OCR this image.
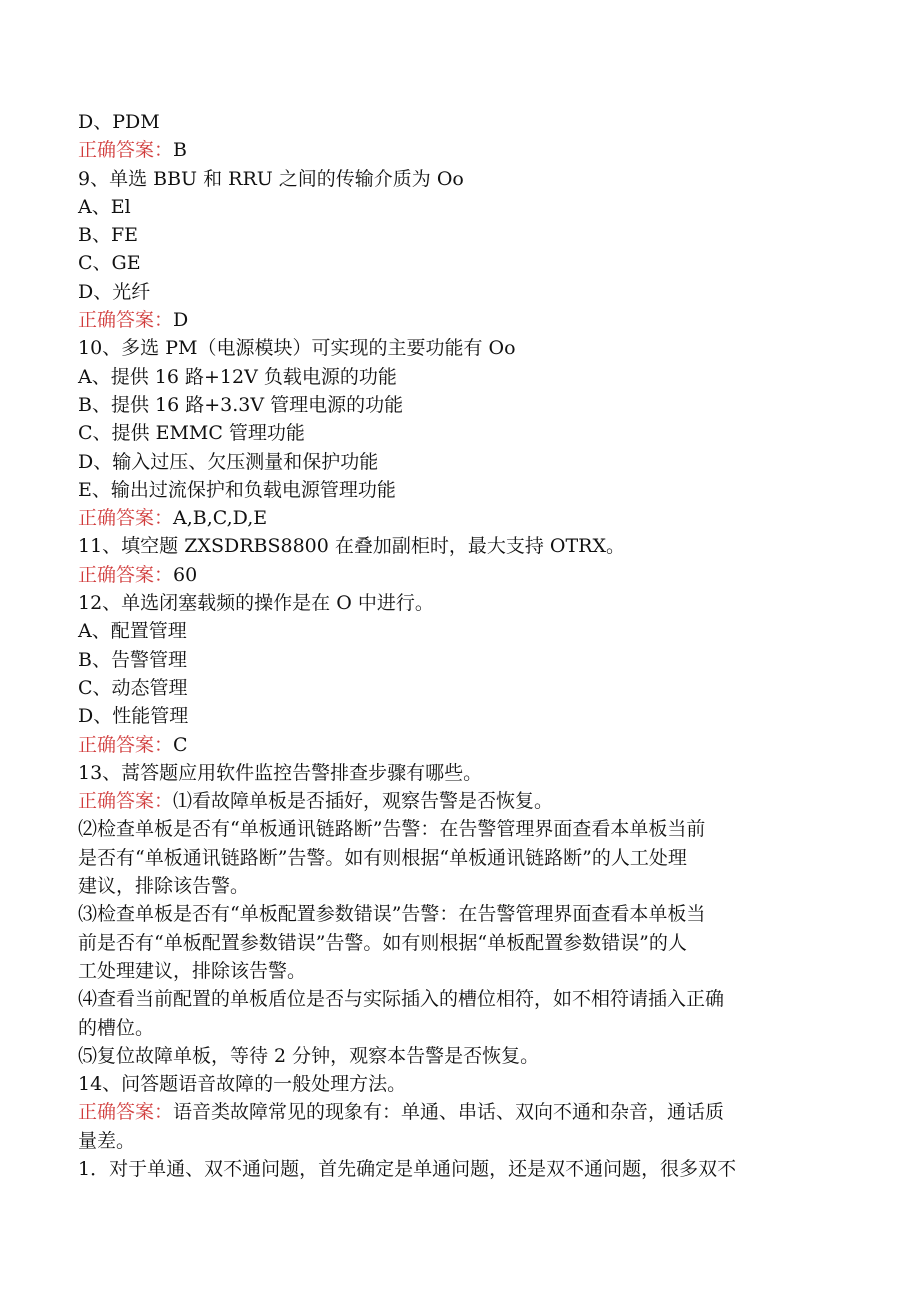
D、PDM
正确答案：B
9、单选 BBU 和 RRU 之间的传输介质为 Oo
A、El
B、FE
C、GE
D、光纤
正确答案：D
10、多选 PM（电源模块）可实现的主要功能有 Oo
A、提供 16 路+12V 负载电源的功能
B、提供 16 路+3.3V 管理电源的功能
C、提供 EMMC 管理功能
D、输入过压、欠压测量和保护功能
E、输出过流保护和负载电源管理功能
正确答案：A,B,C,D,E
11、填空题 ZXSDRBS8800 在叠加副柜时，最大支持 OTRX。
正确答案：60
12、单选闭塞载频的操作是在 O 中进行。
A、配置管理
B、告警管理
C、动态管理
D、性能管理
正确答案：C
13、蒿答题应用软件监控告警排查步骤有哪些。
正确答案：⑴看故障单板是否插好，观察告警是否恢复。
⑵检查单板是否有“单板通讯链路断”告警：在告警管理界面查看本单板当前
是否有“单板通讯链路断”告警。如有则根据“单板通讯链路断”的人工处理
建议，排除该告警。
⑶检查单板是否有“单板配置参数错误”告警：在告警管理界面查看本单板当
前是否有“单板配置参数错误”告警。如有则根据“单板配置参数错误”的人
工处理建议，排除该告警。
⑷查看当前配置的单板盾位是否与实际插入的槽位相符，如不相符请插入正确
的槽位。
⑸复位故障单板，等待 2 分钟，观察本告警是否恢复。
14、问答题语音故障的一般处理方法。
正确答案：语音类故障常见的现象有：单通、串话、双向不通和杂音，通话质
量差。
1．对于单通、双不通问题，首先确定是单通问题，还是双不通问题，很多双不
